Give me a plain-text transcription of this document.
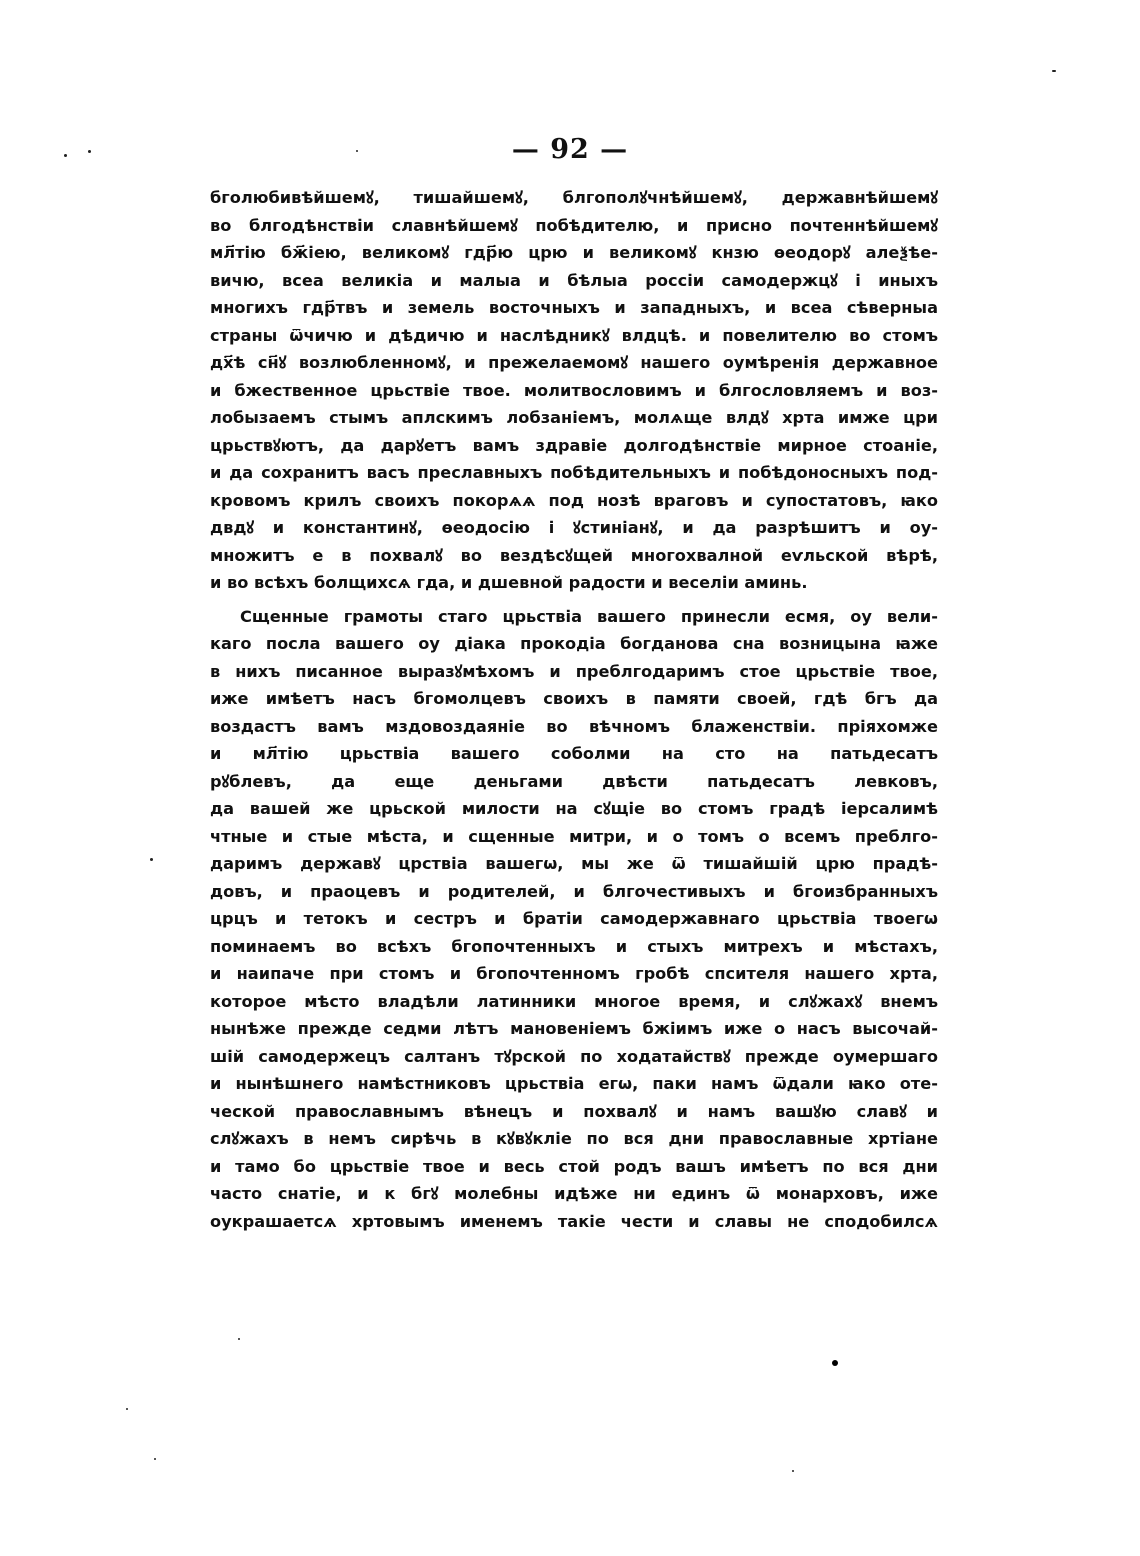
— 92 —
бголюбивѣйшемꙋ, тишайшемꙋ, блгополꙋчнѣйшемꙋ, державнѣйшемꙋ
во блгодѣнствіи славнѣйшемꙋ побѣдителю, и присно почтеннѣйшемꙋ
мл҃тію бж҃іею, великомꙋ гдр҃ю црю и великомꙋ кнзю ѳеодорꙋ алеѯѣе-
вичю, всеа великіа и малыа и бѣлыа россіи самодержцꙋ і иныхъ
многихъ гдр҃твъ и земель восточныхъ и западныхъ, и всеа сѣверныа
страны ѿчичю и дѣдичю и наслѣдникꙋ влдцѣ. и повелителю во стомъ
дх҃ѣ сн҃ꙋ возлюбленномꙋ, и прежелаемомꙋ нашего оумѣренія державное
и бжественное црьствіе твое. молитвословимъ и блгословляемъ и воз-
лобызаемъ стымъ аплскимъ лобзаніемъ, молѧще влдꙋ хрта имже цри
црьствꙋютъ, да дарꙋетъ вамъ здравіе долгодѣнствіе мирное стоаніе,
и да сохранитъ васъ преславныхъ побѣдительныхъ и побѣдоносныхъ под-
кровомъ крилъ своихъ покорѧѧ под нозѣ враговъ и супостатовъ, ꙗко
двдꙋ и константинꙋ, ѳеодосію і ꙋстиніанꙋ, и да разрѣшитъ и оу-
множитъ е в похвалꙋ во вездѣсꙋщей многохвалной еѵльской вѣрѣ,
и во всѣхъ болщихсѧ гда, и дшевной радости и веселіи аминь.
Сщенные грамоты стаго црьствіа вашего принесли есмя, оу вели-
каго посла вашего оу діака прокодіа богданова сна возницына ꙗже
в нихъ писанное выразꙋмѣхомъ и преблгодаримъ стое црьствіе твое,
иже имѣетъ насъ бгомолцевъ своихъ в памяти своей, гдѣ бгъ да
воздастъ вамъ мздовоздаяніе во вѣчномъ блаженствіи. пріяхомже
и мл҃тію црьствіа вашего соболми на сто на патьдесатъ
рꙋблевъ, да еще деньгами двѣсти патьдесатъ левковъ,
да вашей же црьской милости на сꙋщіе во стомъ градѣ іерсалимѣ
чтные и стые мѣста, и сщенные митри, и о томъ о всемъ преблго-
даримъ державꙋ црствіа вашегѡ, мы же ѿ тишайшій црю прадѣ-
довъ, и праоцевъ и родителей, и блгочестивыхъ и бгоизбранныхъ
црцъ и тетокъ и сестръ и братіи самодержавнаго црьствіа твоегѡ
поминаемъ во всѣхъ бгопочтенныхъ и стыхъ митрехъ и мѣстахъ,
и наипаче при стомъ и бгопочтенномъ гробѣ спсителя нашего хрта,
которое мѣсто владѣли латинники многое время, и слꙋжахꙋ внемъ
нынѣже прежде седми лѣтъ мановеніемъ бжіимъ иже о насъ высочай-
шій самодержецъ салтанъ тꙋрской по ходатайствꙋ прежде оумершаго
и нынѣшнего намѣстниковъ црьствіа егѡ, паки намъ ѿдали ꙗко оте-
ческой православнымъ вѣнецъ и похвалꙋ и намъ вашꙋю славꙋ и
слꙋжахъ в немъ сирѣчь в кꙋвꙋкліе по вся дни православные хртіане
и тамо бо црьствіе твое и весь стой родъ вашъ имѣетъ по вся дни
часто снатіе, и к бгꙋ молебны идѣже ни единъ ѿ монарховъ, иже
оукрашаетсѧ хртовымъ именемъ такіе чести и славы не сподобилсѧ
